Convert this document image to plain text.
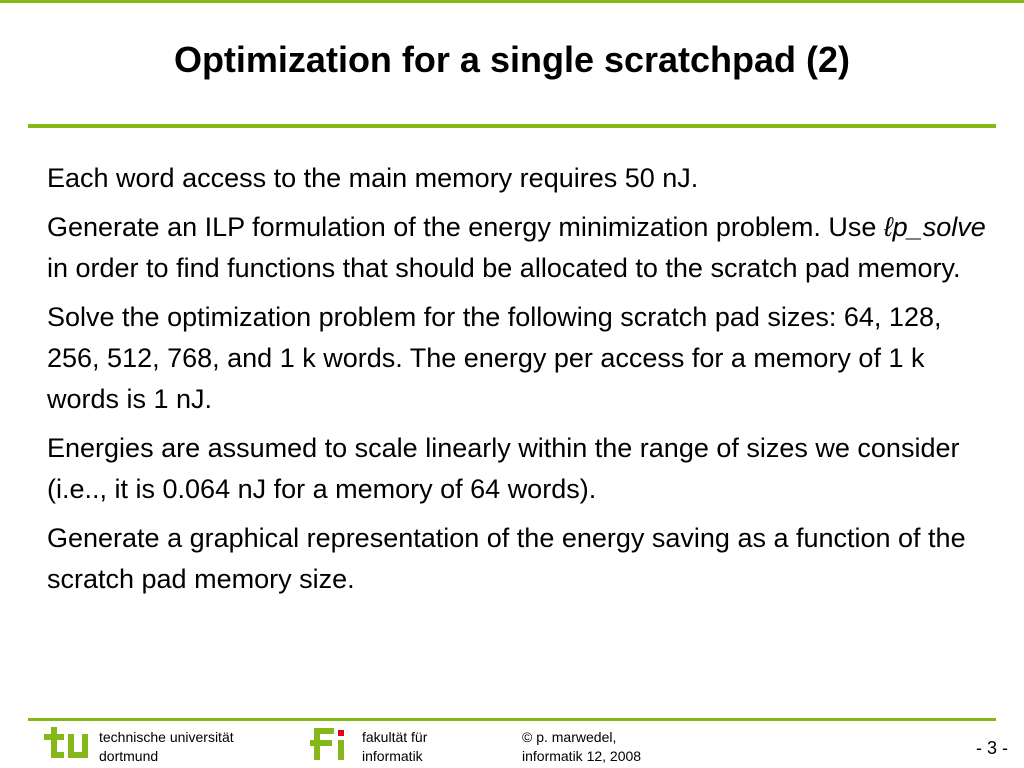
Optimization for a single scratchpad (2)

Each word access to the main memory requires 50 nJ.

Generate an ILP formulation of the energy minimization problem. Use ℓp_solve in order to find functions that should be allocated to the scratch pad memory.

Solve the optimization problem for the following scratch pad sizes: 64, 128, 256, 512, 768, and 1 k words. The energy per access for a memory of 1 k words is 1 nJ.

Energies are assumed to scale linearly within the range of sizes we consider (i.e.., it is 0.064 nJ for a memory of 64 words).

Generate a graphical representation of the energy saving as a function of the scratch pad memory size.

technische universität
dortmund
fakultät für
informatik
© p. marwedel,
informatik 12, 2008	- 3 -
